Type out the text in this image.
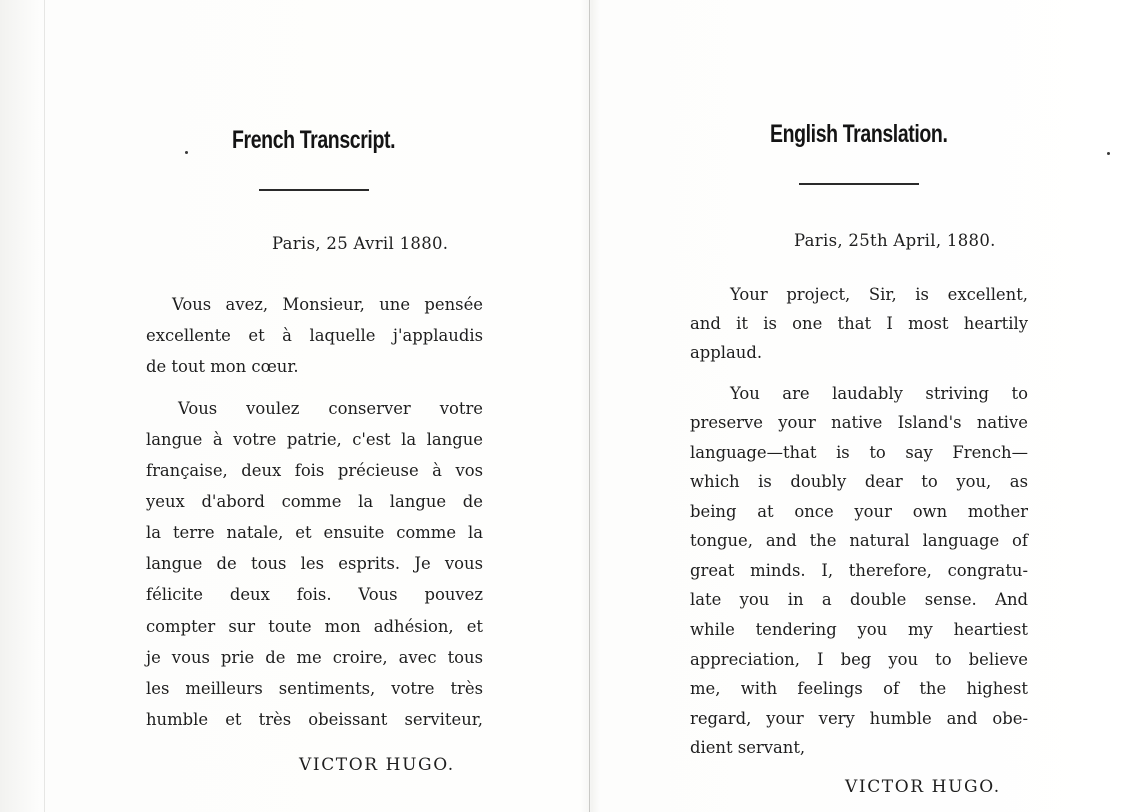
French Transcript.

Paris, 25 Avril 1880.

Vous avez, Monsieur, une pensée

excellente et à laquelle j'applaudis

de tout mon cœur.

Vous voulez conserver votre

langue à votre patrie, c'est la langue

française, deux fois précieuse à vos

yeux d'abord comme la langue de

la terre natale, et ensuite comme la

langue de tous les esprits. Je vous

félicite deux fois. Vous pouvez

compter sur toute mon adhésion, et

je vous prie de me croire, avec tous

les meilleurs sentiments, votre très

humble et très obeissant serviteur,

VICTOR HUGO.

English Translation.

Paris, 25th April, 1880.

Your project, Sir, is excellent,

and it is one that I most heartily

applaud.

You are laudably striving to

preserve your native Island's native

language—that is to say French—

which is doubly dear to you, as

being at once your own mother

tongue, and the natural language of

great minds. I, therefore, congratu-

late you in a double sense. And

while tendering you my heartiest

appreciation, I beg you to believe

me, with feelings of the highest

regard, your very humble and obe-

dient servant,

VICTOR HUGO.
